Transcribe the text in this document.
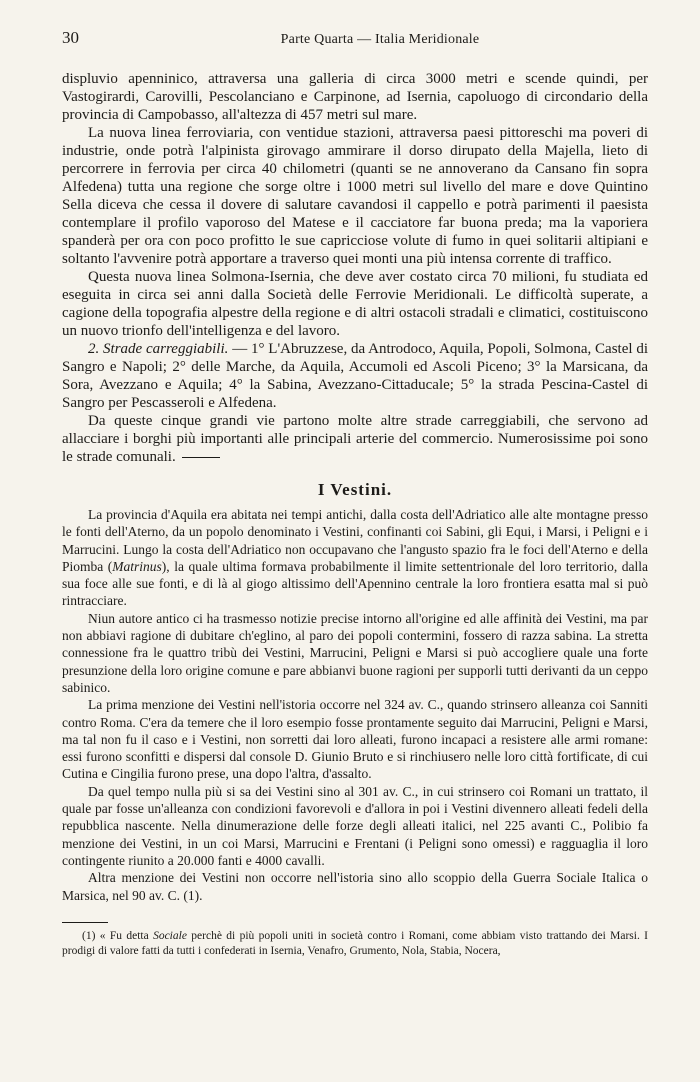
30	Parte Quarta — Italia Meridionale

displuvio apenninico, attraversa una galleria di circa 3000 metri e scende quindi, per Vastogirardi, Carovilli, Pescolanciano e Carpinone, ad Iserniа, capoluogo di circondario della provincia di Campobasso, all'altezza di 457 metri sul mare.

La nuova linea ferroviaria, con ventidue stazioni, attraversa paesi pittoreschi ma poveri di industrie, onde potrà l'alpinista girovago ammirare il dorso dirupato della Majella, lieto di percorrere in ferrovia per circa 40 chilometri (quanti se ne annoverano da Cansano fin sopra Alfedena) tutta una regione che sorge oltre i 1000 metri sul livello del mare e dove Quintino Sella diceva che cessa il dovere di salutare cavandosi il cappello e potrà parimenti il paesista contemplare il profilo vaporoso del Matese e il cacciatore far buona preda; ma la vaporiera spanderà per ora con poco profitto le sue capricciose volute di fumo in quei solitarii altipiani e soltanto l'avvenire potrà apportare a traverso quei monti una più intensa corrente di traffico.

Questa nuova linea Solmona-Isernia, che deve aver costato circa 70 milioni, fu studiata ed eseguita in circa sei anni dalla Società delle Ferrovie Meridionali. Le difficoltà superate, a cagione della topografia alpestre della regione e di altri ostacoli stradali e climatici, costituiscono un nuovo trionfo dell'intelligenza e del lavoro.

2. Strade carreggiabili. — 1° L'Abruzzese, da Antrodoco, Aquila, Popoli, Solmona, Castel di Sangro e Napoli; 2° delle Marche, da Aquila, Accumoli ed Ascoli Piceno; 3° la Marsicana, da Sora, Avezzano e Aquila; 4° la Sabina, Avezzano-Cittaducale; 5° la strada Pescina-Castel di Sangro per Pescasseroli e Alfedena.

Da queste cinque grandi vie partono molte altre strade carreggiabili, che servono ad allacciare i borghi più importanti alle principali arterie del commercio. Numerosissime poi sono le strade comunali.

I Vestini.

La provincia d'Aquila era abitata nei tempi antichi, dalla costa dell'Adriatico alle alte montagne presso le fonti dell'Aterno, da un popolo denominato i Vestini, confinanti coi Sabini, gli Equi, i Marsi, i Peligni e i Marrucini. Lungo la costa dell'Adriatico non occupavano che l'angusto spazio fra le foci dell'Aterno e della Piomba (Matrinus), la quale ultima formava probabilmente il limite settentrionale del loro territorio, dalla sua foce alle sue fonti, e di là al giogo altissimo dell'Apennino centrale la loro frontiera esatta mal si può rintracciare.

Niun autore antico ci ha trasmesso notizie precise intorno all'origine ed alle affinità dei Vestini, ma par non abbiavi ragione di dubitare ch'eglino, al paro dei popoli contermini, fossero di razza sabina. La stretta connessione fra le quattro tribù dei Vestini, Marrucini, Peligni e Marsi si può accogliere quale una forte presunzione della loro origine comune e pare abbianvi buone ragioni per supporli tutti derivanti da un ceppo sabinico.

La prima menzione dei Vestini nell'istoria occorre nel 324 av. C., quando strinsero alleanza coi Sanniti contro Roma. C'era da temere che il loro esempio fosse prontamente seguito dai Marrucini, Peligni e Marsi, ma tal non fu il caso e i Vestini, non sorretti dai loro alleati, furono incapaci a resistere alle armi romane: essi furono sconfitti e dispersi dal console D. Giunio Bruto e si rinchiusero nelle loro città fortificate, di cui Cutina e Cingilia furono prese, una dopo l'altra, d'assalto.

Da quel tempo nulla più si sa dei Vestini sino al 301 av. C., in cui strinsero coi Romani un trattato, il quale par fosse un'alleanza con condizioni favorevoli e d'allora in poi i Vestini divennero alleati fedeli della repubblica nascente. Nella dinumerazione delle forze degli alleati italici, nel 225 avanti C., Polibio fa menzione dei Vestini, in un coi Marsi, Marrucini e Frentani (i Peligni sono omessi) e ragguaglia il loro contingente riunito a 20.000 fanti e 4000 cavalli.

Altra menzione dei Vestini non occorre nell'istoria sino allo scoppio della Guerra Sociale Italica o Marsica, nel 90 av. C. (1).

(1) « Fu detta Sociale perchè di più popoli uniti in società contro i Romani, come abbiam visto trattando dei Marsi. I prodigi di valore fatti da tutti i confederati in Isernia, Venafro, Grumento, Nola, Stabia, Nocera,
